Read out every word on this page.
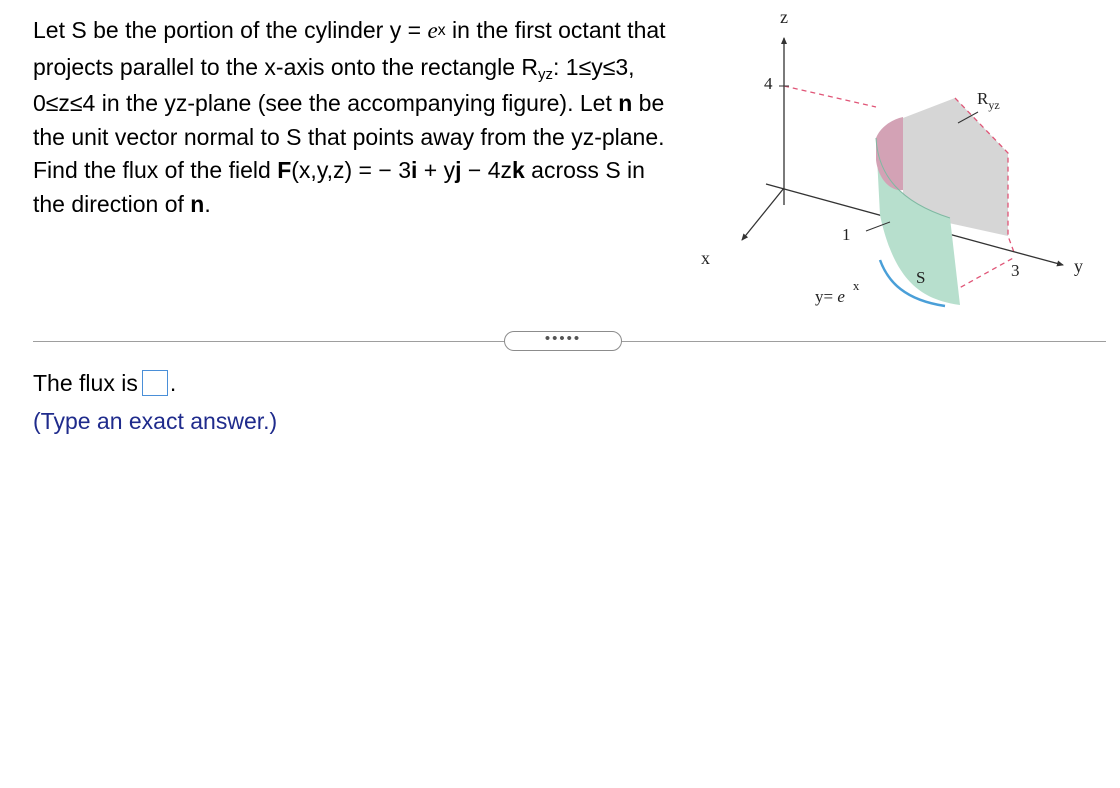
Let S be the portion of the cylinder $y = e^x$ in the first octant that projects parallel to the x-axis onto the rectangle $R_{yz}$: 1≤y≤3, 0≤z≤4 in the yz-plane (see the accompanying figure). Let n be the unit vector normal to S that points away from the yz-plane. Find the flux of the field F(x,y,z) = − 3i + yj − 4zk across S in the direction of n.
z
4
x
1
3	y
S
$R_{yz}$
$y= e^x$
•••••
The flux is .
(Type an exact answer.)
